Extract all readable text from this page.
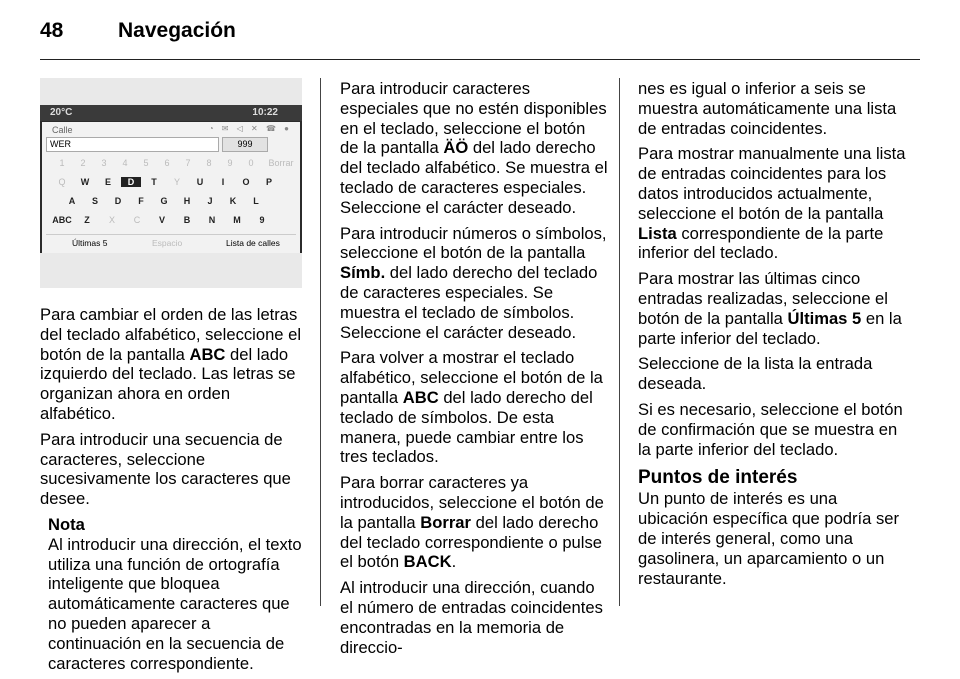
48	Navegación
20°C	10:22
Calle	◔ ✉ ◁ ✕ ☎ ●
WER	999
1	2	3	4	5	6	7	8	9	0	Borrar
Q	W	E	D	T	Y	U	I	O	P
A	S	D	F	G	H	J	K	L
ABC	Z	X	C	V	B	N	M	9
Últimas 5	Espacio	Lista de calles

Para cambiar el orden de las letras del teclado alfabético, seleccione el botón de la pantalla ABC del lado izquierdo del teclado. Las letras se organizan ahora en orden alfabético.

Para introducir una secuencia de caracteres, seleccione sucesivamente los caracteres que desee.

Nota
Al introducir una dirección, el texto utiliza una función de ortografía inteligente que bloquea automáticamente caracteres que no pueden aparecer a continuación en la secuencia de caracteres correspondiente.

Para introducir caracteres especiales que no estén disponibles en el teclado, seleccione el botón de la pantalla ÄÖ del lado derecho del teclado alfabético. Se muestra el teclado de caracteres especiales. Seleccione el carácter deseado.

Para introducir números o símbolos, seleccione el botón de la pantalla Símb. del lado derecho del teclado de caracteres especiales. Se muestra el teclado de símbolos. Seleccione el carácter deseado.

Para volver a mostrar el teclado alfabético, seleccione el botón de la pantalla ABC del lado derecho del teclado de símbolos. De esta manera, puede cambiar entre los tres teclados.

Para borrar caracteres ya introducidos, seleccione el botón de la pantalla Borrar del lado derecho del teclado correspondiente o pulse el botón BACK.

Al introducir una dirección, cuando el número de entradas coincidentes encontradas en la memoria de direccio-

nes es igual o inferior a seis se muestra automáticamente una lista de entradas coincidentes.

Para mostrar manualmente una lista de entradas coincidentes para los datos introducidos actualmente, seleccione el botón de la pantalla Lista correspondiente de la parte inferior del teclado.

Para mostrar las últimas cinco entradas realizadas, seleccione el botón de la pantalla Últimas 5 en la parte inferior del teclado.

Seleccione de la lista la entrada deseada.

Si es necesario, seleccione el botón de confirmación que se muestra en la parte inferior del teclado.

Puntos de interés

Un punto de interés es una ubicación específica que podría ser de interés general, como una gasolinera, un aparcamiento o un restaurante.
